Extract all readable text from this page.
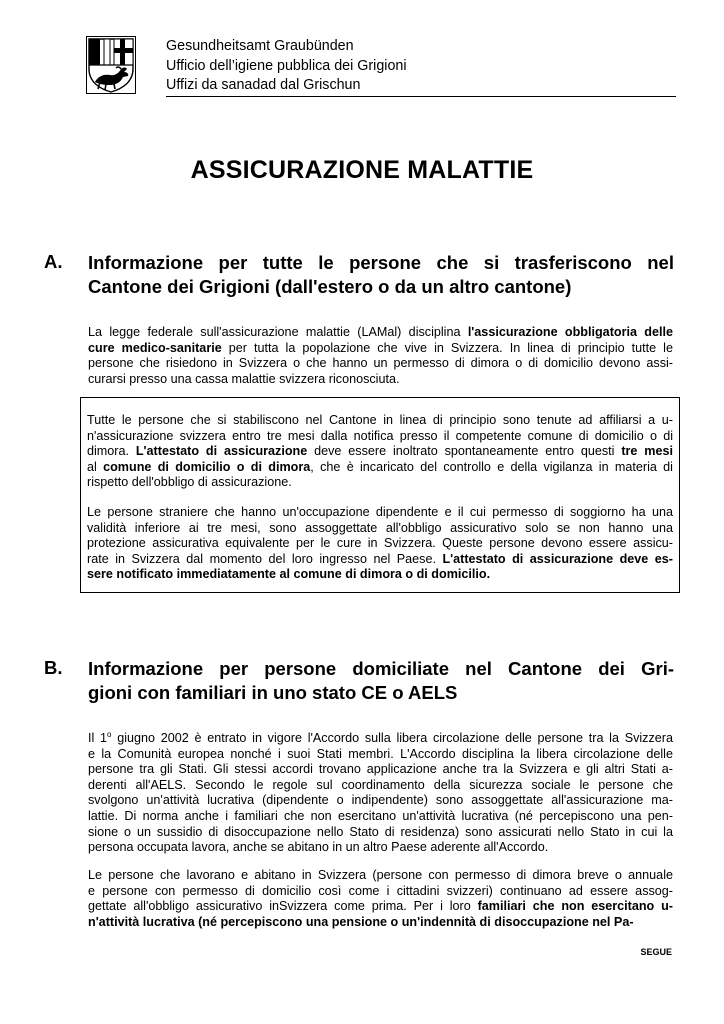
Gesundheitsamt Graubünden
Ufficio dell’igiene pubblica dei Grigioni
Uffizi da sanadad dal Grischun
ASSICURAZIONE MALATTIE
A. Informazione per tutte le persone che si trasferiscono nel
Cantone dei Grigioni (dall'estero o da un altro cantone)
La legge federale sull'assicurazione malattie (LAMal) disciplina l'assicurazione obbligatoria delle
cure medico-sanitarie per tutta la popolazione che vive in Svizzera. In linea di principio tutte le
persone che risiedono in Svizzera o che hanno un permesso di dimora o di domicilio devono assi-
curarsi presso una cassa malattie svizzera riconosciuta.
Tutte le persone che si stabiliscono nel Cantone in linea di principio sono tenute ad affiliarsi a u-
n'assicurazione svizzera entro tre mesi dalla notifica presso il competente comune di domicilio o di
dimora. L'attestato di assicurazione deve essere inoltrato spontaneamente entro questi tre mesi
al comune di domicilio o di dimora, che è incaricato del controllo e della vigilanza in materia di
rispetto dell'obbligo di assicurazione.
Le persone straniere che hanno un'occupazione dipendente e il cui permesso di soggiorno ha una
validità inferiore ai tre mesi, sono assoggettate all'obbligo assicurativo solo se non hanno una
protezione assicurativa equivalente per le cure in Svizzera. Queste persone devono essere assicu-
rate in Svizzera dal momento del loro ingresso nel Paese. L'attestato di assicurazione deve es-
sere notificato immediatamente al comune di dimora o di domicilio.
B. Informazione per persone domiciliate nel Cantone dei Gri-
gioni con familiari in uno stato CE o AELS
Il 1$^o$ giugno 2002 è entrato in vigore l'Accordo sulla libera circolazione delle persone tra la Svizzera
e la Comunità europea nonché i suoi Stati membri. L'Accordo disciplina la libera circolazione delle
persone tra gli Stati. Gli stessi accordi trovano applicazione anche tra la Svizzera e gli altri Stati a-
derenti all'AELS. Secondo le regole sul coordinamento della sicurezza sociale le persone che
svolgono un'attività lucrativa (dipendente o indipendente) sono assoggettate all'assicurazione ma-
lattie. Di norma anche i familiari che non esercitano un'attività lucrativa (né percepiscono una pen-
sione o un sussidio di disoccupazione nello Stato di residenza) sono assicurati nello Stato in cui la
persona occupata lavora, anche se abitano in un altro Paese aderente all'Accordo.
Le persone che lavorano e abitano in Svizzera (persone con permesso di dimora breve o annuale
e persone con permesso di domicilio così come i cittadini svizzeri) continuano ad essere assog-
gettate all'obbligo assicurativo inSvizzera come prima. Per i loro familiari che non esercitano u-
n'attività lucrativa (né percepiscono una pensione o un'indennità di disoccupazione nel Pa-
SEGUE
